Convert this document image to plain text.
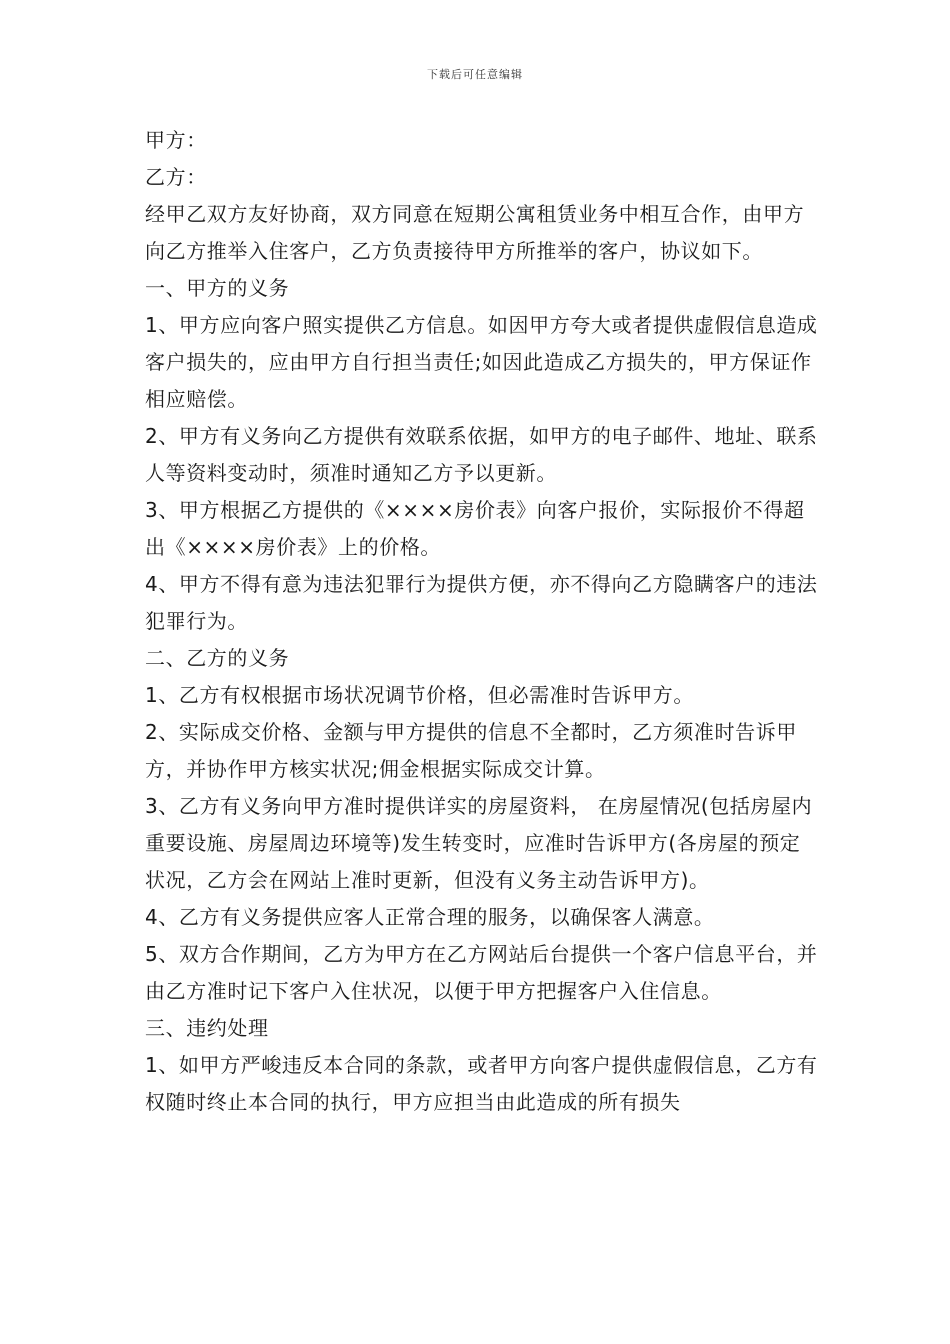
下载后可任意编辑

甲方：

乙方：

经甲乙双方友好协商，双方同意在短期公寓租赁业务中相互合作，由甲方向乙方推举入住客户，乙方负责接待甲方所推举的客户，协议如下。

一、甲方的义务

1、甲方应向客户照实提供乙方信息。如因甲方夸大或者提供虚假信息造成客户损失的，应由甲方自行担当责任;如因此造成乙方损失的，甲方保证作相应赔偿。

2、甲方有义务向乙方提供有效联系依据，如甲方的电子邮件、地址、联系人等资料变动时，须准时通知乙方予以更新。

3、甲方根据乙方提供的《××××房价表》向客户报价，实际报价不得超出《××××房价表》上的价格。

4、甲方不得有意为违法犯罪行为提供方便，亦不得向乙方隐瞒客户的违法犯罪行为。

二、乙方的义务

1、乙方有权根据市场状况调节价格，但必需准时告诉甲方。

2、实际成交价格、金额与甲方提供的信息不全都时，乙方须准时告诉甲方，并协作甲方核实状况;佣金根据实际成交计算。

3、乙方有义务向甲方准时提供详实的房屋资料， 在房屋情况(包括房屋内重要设施、房屋周边环境等)发生转变时，应准时告诉甲方(各房屋的预定状况，乙方会在网站上准时更新，但没有义务主动告诉甲方)。

4、乙方有义务提供应客人正常合理的服务，以确保客人满意。

5、双方合作期间，乙方为甲方在乙方网站后台提供一个客户信息平台，并由乙方准时记下客户入住状况，以便于甲方把握客户入住信息。

三、违约处理

1、如甲方严峻违反本合同的条款，或者甲方向客户提供虚假信息，乙方有权随时终止本合同的执行，甲方应担当由此造成的所有损失
